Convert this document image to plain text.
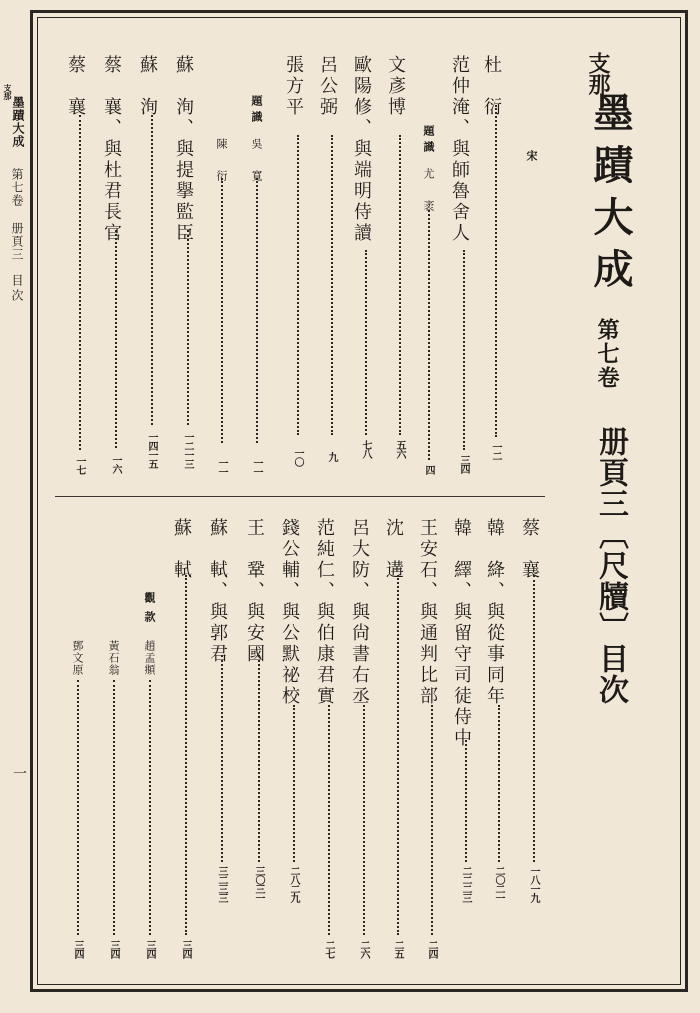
支那
墨蹟大成
第七卷
册頁三
目次
一
支那
墨蹟大成
第七卷
册頁三〔尺牘〕目次
宋
杜　衍
一二
范仲淹、與師魯舍人
三四
題識
尤　袤
四
文彥博
五六
歐陽修、與端明侍讀
七八
呂公弼
九
張方平
一〇
題識
吳　寬
一一
陳　衍
一一
蘇　洵、與提擧監臣
一二一三
蘇　洵
一四一五
蔡　襄、與杜君長官
一六
蔡　襄
一七
蔡　襄
一八一九
韓　絳、與從事同年
二〇二一
韓　繹、與留守司徒侍中
二二二三
王安石、與通判比部
二四
沈　遘
二五
呂大防、與尙書右丞
二六
范純仁、與伯康君實
二七
錢公輔、與公默祕校
二八二九
王　鞏、與安國
三〇三一
蘇　軾、與郭君
三二三三
蘇　軾
三四
觀款
趙孟頫
三四
黃石翁
三四
鄧文原
三四
